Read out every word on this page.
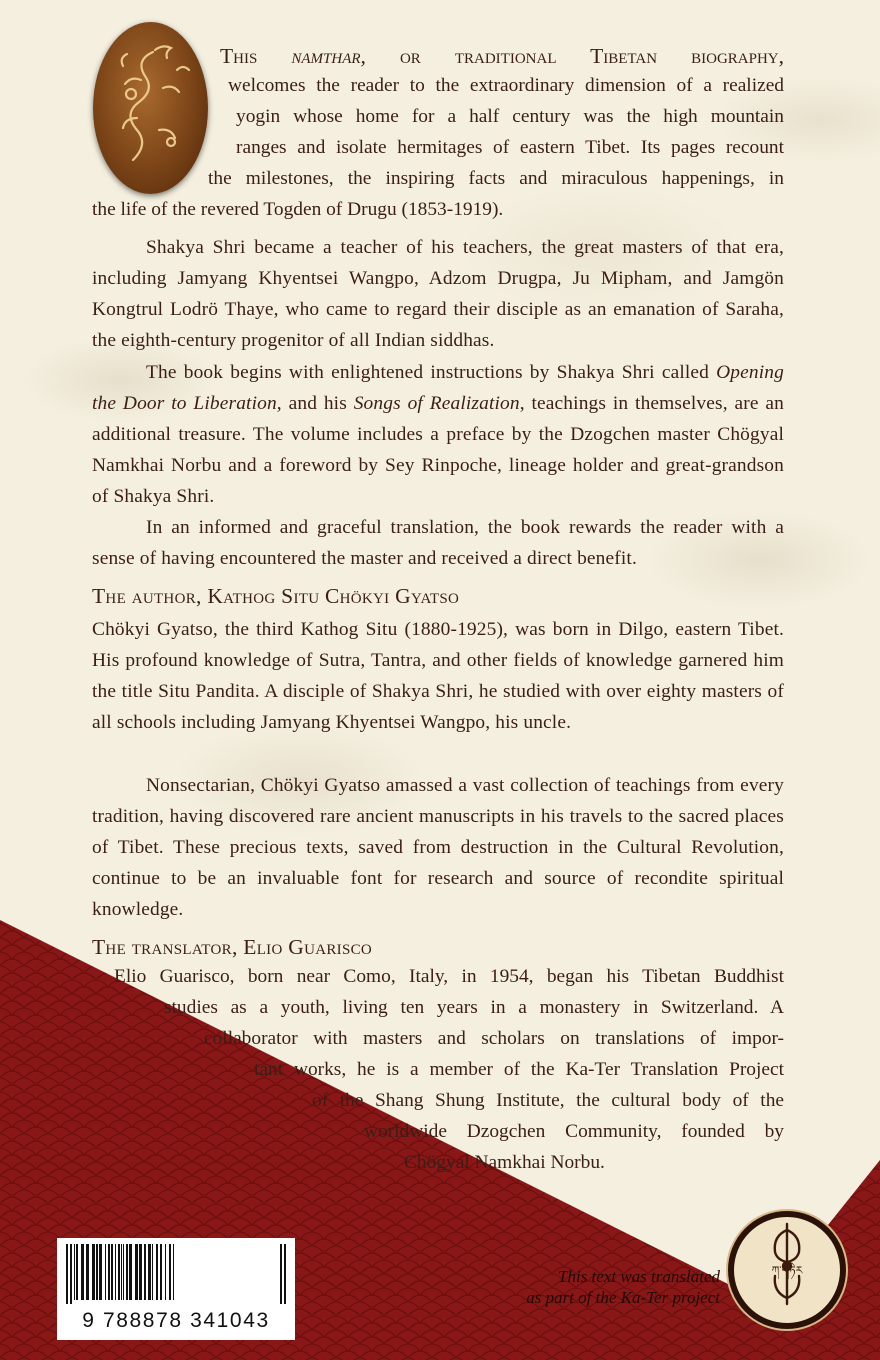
This namthar, or traditional Tibetan biography,
welcomes the reader to the extraordinary dimension of a realized
yogin whose home for a half century was the high mountain
ranges and isolate hermitages of eastern Tibet. Its pages recount
the milestones, the inspiring facts and miraculous happenings, in
the life of the revered Togden of Drugu (1853-1919).
Shakya Shri became a teacher of his teachers, the great masters of that era, including Jamyang Khyentsei Wangpo, Adzom Drugpa, Ju Mipham, and Jamgön Kongtrul Lodrö Thaye, who came to regard their disciple as an emanation of Saraha, the eighth-century progenitor of all Indian siddhas.
The book begins with enlightened instructions by Shakya Shri called Opening the Door to Liberation, and his Songs of Realization, teachings in themselves, are an additional treasure. The volume includes a preface by the Dzogchen master Chögyal Namkhai Norbu and a foreword by Sey Rinpoche, lineage holder and great-grandson of Shakya Shri.
In an informed and graceful translation, the book rewards the reader with a sense of having encountered the master and received a direct benefit.
The author, Kathog Situ Chökyi Gyatso
Chökyi Gyatso, the third Kathog Situ (1880-1925), was born in Dilgo, eastern Tibet. His profound knowledge of Sutra, Tantra, and other fields of knowledge garnered him the title Situ Pandita. A disciple of Shakya Shri, he studied with over eighty masters of all schools including Jamyang Khyentsei Wangpo, his uncle.
Nonsectarian, Chökyi Gyatso amassed a vast collection of teachings from every tradition, having discovered rare ancient manuscripts in his travels to the sacred places of Tibet. These precious texts, saved from destruction in the Cultural Revolution, continue to be an invaluable font for research and source of recondite spiritual knowledge.
The translator, Elio Guarisco
Elio Guarisco, born near Como, Italy, in 1954, began his Tibetan Buddhist
studies as a youth, living ten years in a monastery in Switzerland. A
collaborator with masters and scholars on translations of impor-
tant works, he is a member of the Ka-Ter Translation Project
of the Shang Shung Institute, the cultural body of the
worldwide Dzogchen Community, founded by
Chögyal Namkhai Norbu.
9 788878 341043
This text was translated
as part of the Ka-Ter project
ཀ་གཏེར
KA-TER
